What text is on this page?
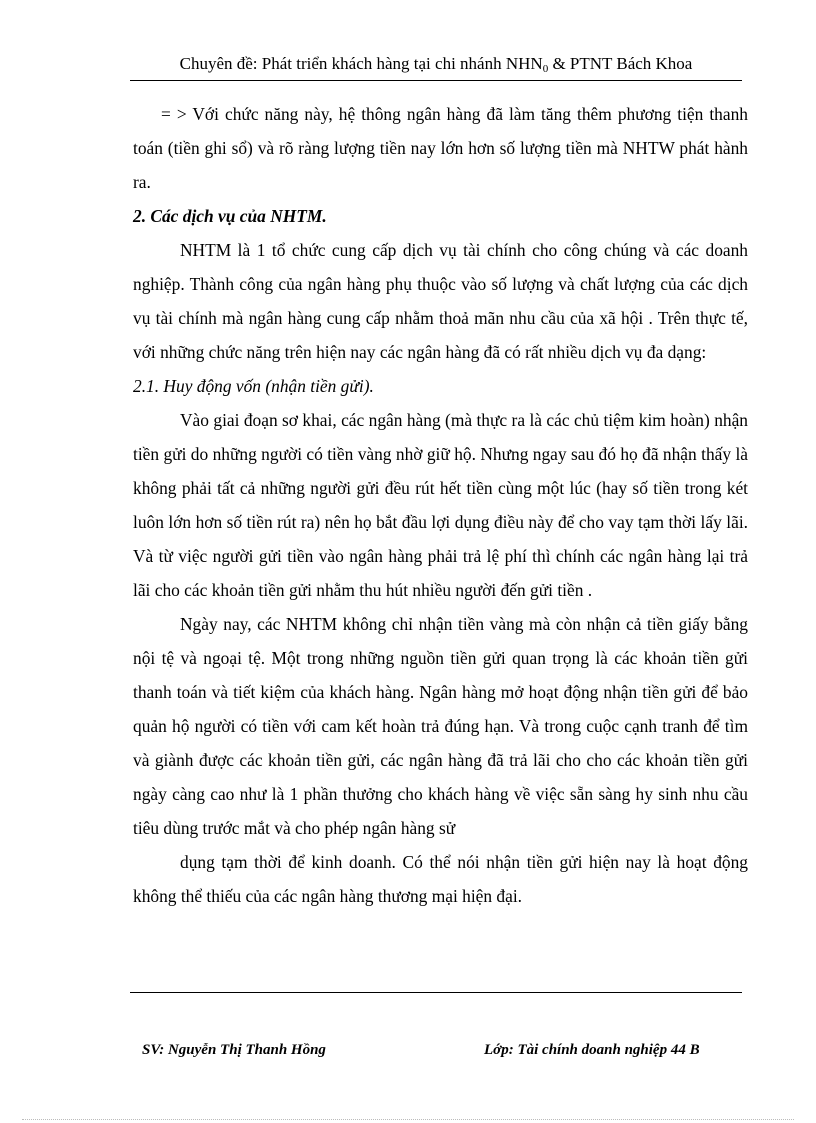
Chuyên đề: Phát triển khách hàng tại chi nhánh $NHN_0$ & PTNT Bách Khoa

= > Với chức năng này, hệ thông ngân hàng đã làm tăng thêm phương tiện thanh toán (tiền ghi sổ) và rõ ràng lượng tiền nay lớn hơn số lượng tiền mà NHTW phát hành ra.

2. Các dịch vụ của NHTM.

NHTM là 1 tổ chức cung cấp dịch vụ tài chính cho công chúng và các doanh nghiệp. Thành công của ngân hàng phụ thuộc vào số lượng và chất lượng của các dịch vụ tài chính mà ngân hàng cung cấp nhằm thoả mãn nhu cầu của xã hội . Trên thực tế, với những chức năng trên hiện nay các ngân hàng đã có rất nhiều dịch vụ đa dạng:

2.1. Huy động vốn (nhận tiền gửi).

Vào giai đoạn sơ khai, các ngân hàng (mà thực ra là các chủ tiệm kim hoàn) nhận tiền gửi do những người có tiền vàng nhờ giữ hộ. Nhưng ngay sau đó họ đã nhận thấy là không phải tất cả những người gửi đều rút hết tiền cùng một lúc (hay số tiền trong két luôn lớn hơn số tiền rút ra) nên họ bắt đầu lợi dụng điều này để cho vay tạm thời lấy lãi. Và từ việc người gửi tiền vào ngân hàng phải trả lệ phí thì chính các ngân hàng lại trả lãi cho các khoản tiền gửi nhằm thu hút nhiều người đến gửi tiền .

Ngày nay, các NHTM không chỉ nhận tiền vàng mà còn nhận cả tiền giấy bằng nội tệ và ngoại tệ. Một trong những nguồn tiền gửi quan trọng là các khoản tiền gửi thanh toán và tiết kiệm của khách hàng. Ngân hàng mở hoạt động nhận tiền gửi để bảo quản hộ người có tiền với cam kết hoàn trả đúng hạn. Và trong cuộc cạnh tranh để tìm và giành được các khoản tiền gửi, các ngân hàng đã trả lãi cho cho các khoản tiền gửi ngày càng cao như là 1 phần thưởng cho khách hàng về việc sẵn sàng hy sinh nhu cầu tiêu dùng trước mắt và cho phép ngân hàng sử

dụng tạm thời để kinh doanh. Có thể nói nhận tiền gửi hiện nay là hoạt động không thể thiếu của các ngân hàng thương mại hiện đại.

SV: Nguyễn Thị Thanh Hồng	Lớp: Tài chính doanh nghiệp 44 B
